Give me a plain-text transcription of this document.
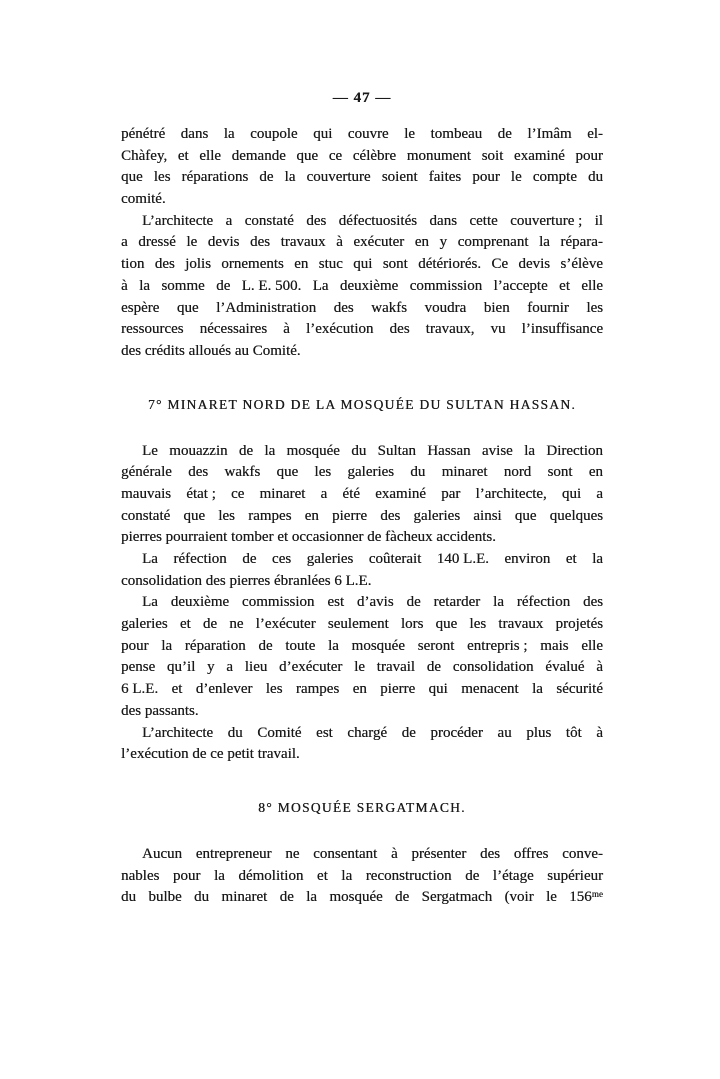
— 47 —
pénétré dans la coupole qui couvre le tombeau de l’Imâm el-
Chàfey, et elle demande que ce célèbre monument soit examiné pour
que les réparations de la couverture soient faites pour le compte du
comité.
L’architecte a constaté des défectuosités dans cette couverture ; il
a dressé le devis des travaux à exécuter en y comprenant la répara-
tion des jolis ornements en stuc qui sont détériorés. Ce devis s’élève
à la somme de L. E. 500. La deuxième commission l’accepte et elle
espère que l’Administration des wakfs voudra bien fournir les
ressources nécessaires à l’exécution des travaux, vu l’insuffisance
des crédits alloués au Comité.
7° MINARET NORD DE LA MOSQUÉE DU SULTAN HASSAN.
Le mouazzin de la mosquée du Sultan Hassan avise la Direction
générale des wakfs que les galeries du minaret nord sont en
mauvais état ; ce minaret a été examiné par l’architecte, qui a
constaté que les rampes en pierre des galeries ainsi que quelques
pierres pourraient tomber et occasionner de fàcheux accidents.
La réfection de ces galeries coûterait 140 L.E. environ et la
consolidation des pierres ébranlées 6 L.E.
La deuxième commission est d’avis de retarder la réfection des
galeries et de ne l’exécuter seulement lors que les travaux projetés
pour la réparation de toute la mosquée seront entrepris ; mais elle
pense qu’il y a lieu d’exécuter le travail de consolidation évalué à
6 L.E. et d’enlever les rampes en pierre qui menacent la sécurité
des passants.
L’architecte du Comité est chargé de procéder au plus tôt à
l’exécution de ce petit travail.
8° MOSQUÉE SERGATMACH.
Aucun entrepreneur ne consentant à présenter des offres conve-
nables pour la démolition et la reconstruction de l’étage supérieur
du bulbe du minaret de la mosquée de Sergatmach (voir le 156ᵐᵉ
